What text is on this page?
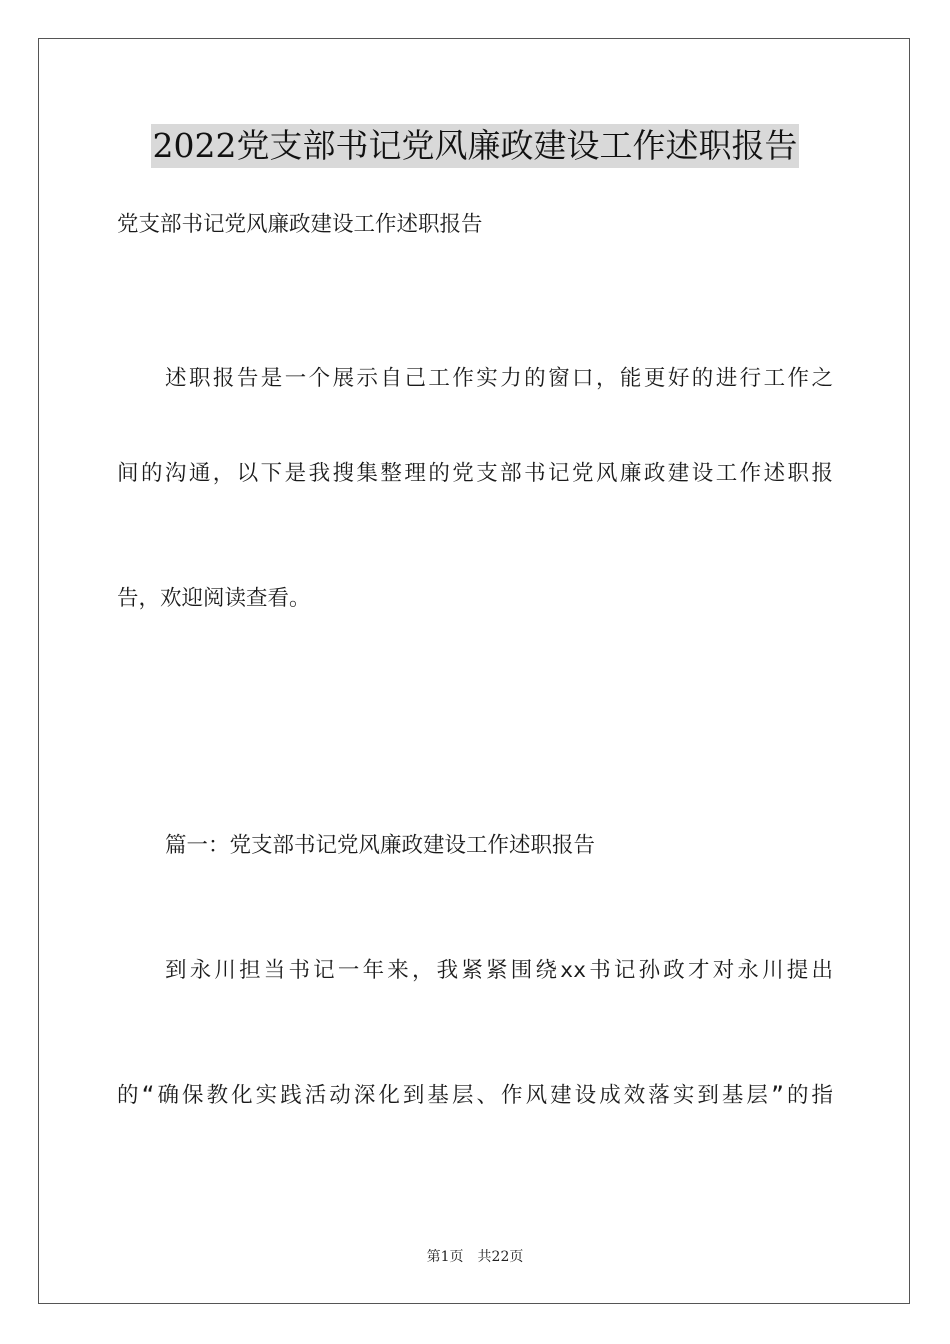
2022党支部书记党风廉政建设工作述职报告
党支部书记党风廉政建设工作述职报告
述职报告是一个展示自己工作实力的窗口，能更好的进行工作之
间的沟通，以下是我搜集整理的党支部书记党风廉政建设工作述职报
告，欢迎阅读查看。
篇一：党支部书记党风廉政建设工作述职报告
到永川担当书记一年来，我紧紧围绕xx书记孙政才对永川提出
的“确保教化实践活动深化到基层、作风建设成效落实到基层”的指
第1页 共22页
